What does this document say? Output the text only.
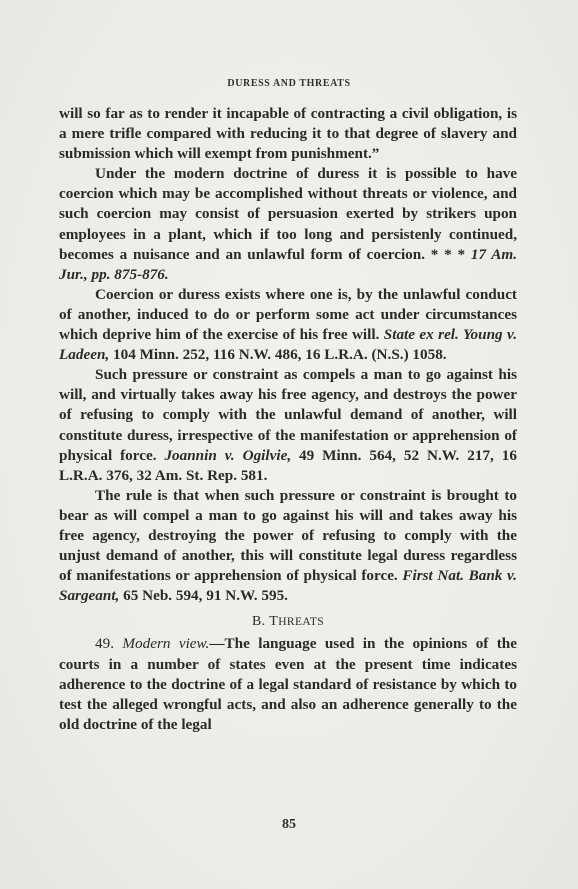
DURESS AND THREATS

will so far as to render it incapable of contracting a civil obligation, is a mere trifle compared with reducing it to that degree of slavery and submission which will exempt from punishment.”

Under the modern doctrine of duress it is possible to have coercion which may be accomplished without threats or violence, and such coercion may consist of persuasion exerted by strikers upon employees in a plant, which if too long and persistenly continued, becomes a nuisance and an unlawful form of coercion. * * * 17 Am. Jur., pp. 875-876.

Coercion or duress exists where one is, by the unlawful conduct of another, induced to do or perform some act under circumstances which deprive him of the exercise of his free will. State ex rel. Young v. Ladeen, 104 Minn. 252, 116 N.W. 486, 16 L.R.A. (N.S.) 1058.

Such pressure or constraint as compels a man to go against his will, and virtually takes away his free agency, and destroys the power of refusing to comply with the unlawful demand of another, will constitute duress, irrespective of the manifestation or apprehension of physical force. Joannin v. Ogilvie, 49 Minn. 564, 52 N.W. 217, 16 L.R.A. 376, 32 Am. St. Rep. 581.

The rule is that when such pressure or constraint is brought to bear as will compel a man to go against his will and takes away his free agency, destroying the power of refusing to comply with the unjust demand of another, this will constitute legal duress regardless of manifestations or apprehension of physical force. First Nat. Bank v. Sargeant, 65 Neb. 594, 91 N.W. 595.

B. THREATS

49. Modern view.—The language used in the opinions of the courts in a number of states even at the present time indicates adherence to the doctrine of a legal standard of resistance by which to test the alleged wrongful acts, and also an adherence generally to the old doctrine of the legal

85
